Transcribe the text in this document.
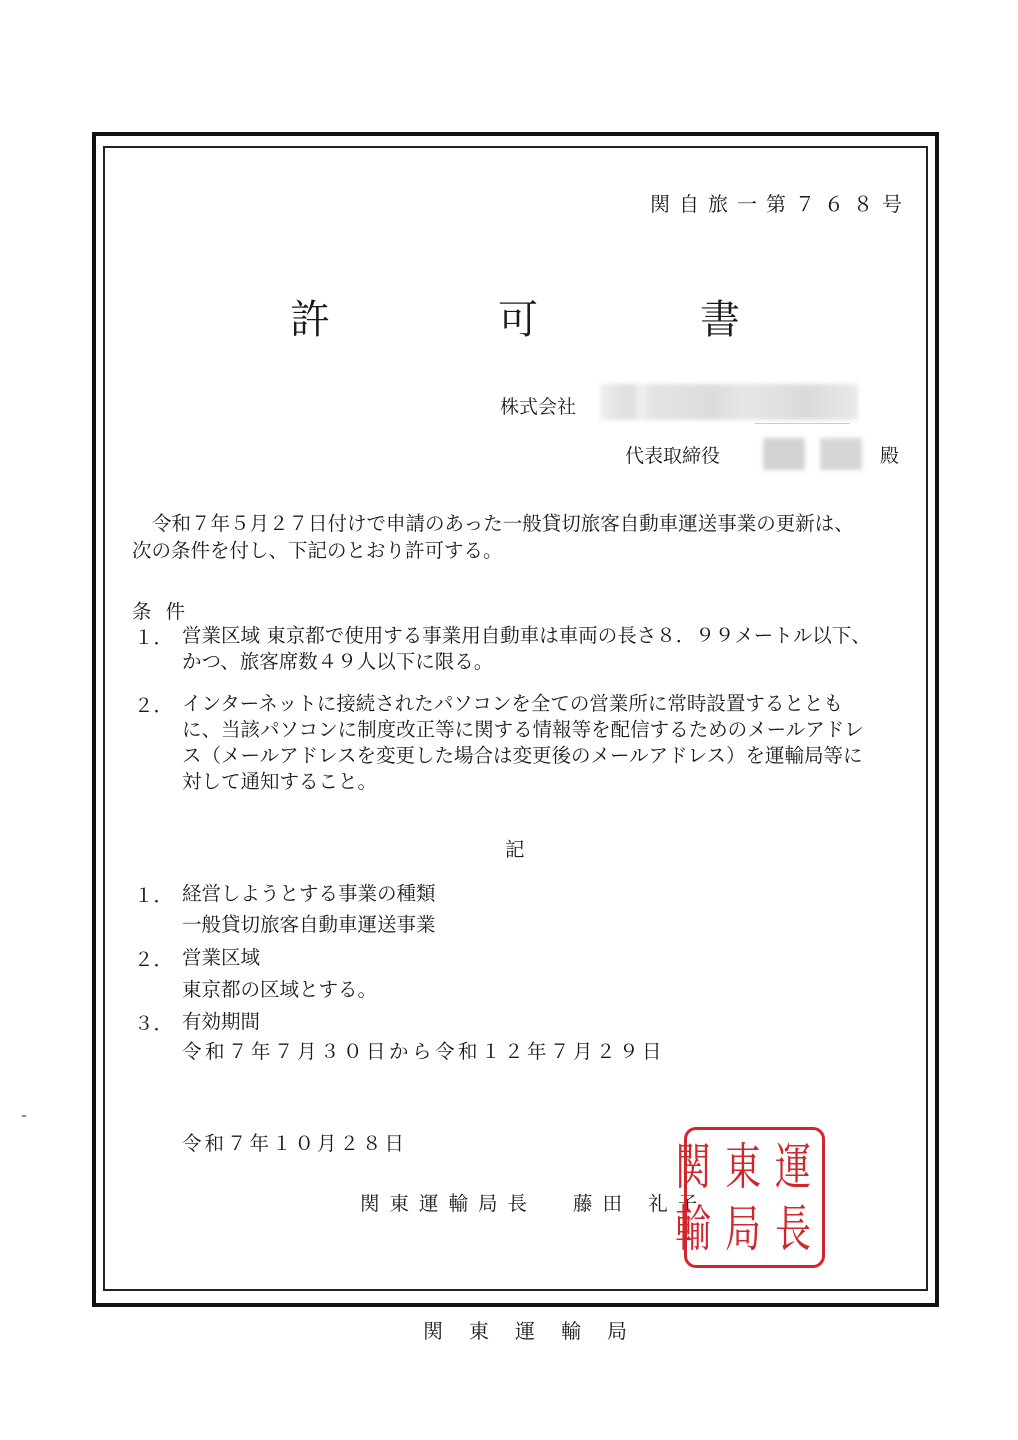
関自旅一第７６８号
許	可	書
株式会社
代表取締役	殿
令和７年５月２７日付けで申請のあった一般貸切旅客自動車運送事業の更新は、
次の条件を付し、下記のとおり許可する。
条件
１． 営業区域 東京都で使用する事業用自動車は車両の長さ８．９９メートル以下、
かつ、旅客席数４９人以下に限る。
２． インターネットに接続されたパソコンを全ての営業所に常時設置するととも
に、当該パソコンに制度改正等に関する情報等を配信するためのメールアドレ
ス（メールアドレスを変更した場合は変更後のメールアドレス）を運輸局等に
対して通知すること。
記
１． 経営しようとする事業の種類
一般貸切旅客自動車運送事業
２． 営業区域
東京都の区域とする。
３． 有効期間
令和７年７月３０日から令和１２年７月２９日
令和７年１０月２８日
関東運輸局長 藤田 礼子
運
長
東
局
関
輸
関東運輸局
